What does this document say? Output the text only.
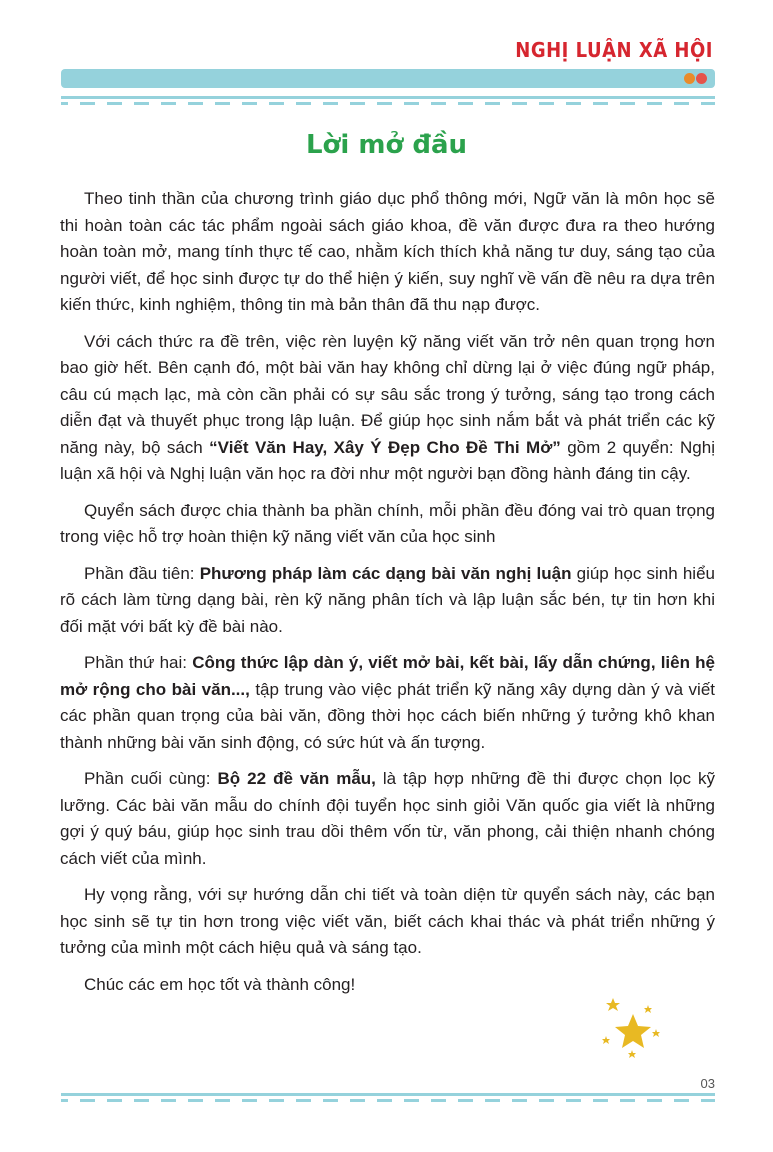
NGHỊ LUẬN XÃ HỘI
Lời mở đầu

Theo tinh thần của chương trình giáo dục phổ thông mới, Ngữ văn là môn học sẽ thi hoàn toàn các tác phẩm ngoài sách giáo khoa, đề văn được đưa ra theo hướng hoàn toàn mở, mang tính thực tế cao, nhằm kích thích khả năng tư duy, sáng tạo của người viết, để học sinh được tự do thể hiện ý kiến, suy nghĩ về vấn đề nêu ra dựa trên kiến thức, kinh nghiệm, thông tin mà bản thân đã thu nạp được.

Với cách thức ra đề trên, việc rèn luyện kỹ năng viết văn trở nên quan trọng hơn bao giờ hết. Bên cạnh đó, một bài văn hay không chỉ dừng lại ở việc đúng ngữ pháp, câu cú mạch lạc, mà còn cần phải có sự sâu sắc trong ý tưởng, sáng tạo trong cách diễn đạt và thuyết phục trong lập luận. Để giúp học sinh nắm bắt và phát triển các kỹ năng này, bộ sách “Viết Văn Hay, Xây Ý Đẹp Cho Đề Thi Mở” gồm 2 quyển: Nghị luận xã hội và Nghị luận văn học ra đời như một người bạn đồng hành đáng tin cậy.

Quyển sách được chia thành ba phần chính, mỗi phần đều đóng vai trò quan trọng trong việc hỗ trợ hoàn thiện kỹ năng viết văn của học sinh

Phần đầu tiên: Phương pháp làm các dạng bài văn nghị luận giúp học sinh hiểu rõ cách làm từng dạng bài, rèn kỹ năng phân tích và lập luận sắc bén, tự tin hơn khi đối mặt với bất kỳ đề bài nào.

Phần thứ hai: Công thức lập dàn ý, viết mở bài, kết bài, lấy dẫn chứng, liên hệ mở rộng cho bài văn..., tập trung vào việc phát triển kỹ năng xây dựng dàn ý và viết các phần quan trọng của bài văn, đồng thời học cách biến những ý tưởng khô khan thành những bài văn sinh động, có sức hút và ấn tượng.

Phần cuối cùng: Bộ 22 đề văn mẫu, là tập hợp những đề thi được chọn lọc kỹ lưỡng. Các bài văn mẫu do chính đội tuyển học sinh giỏi Văn quốc gia viết là những gợi ý quý báu, giúp học sinh trau dồi thêm vốn từ, văn phong, cải thiện nhanh chóng cách viết của mình.

Hy vọng rằng, với sự hướng dẫn chi tiết và toàn diện từ quyển sách này, các bạn học sinh sẽ tự tin hơn trong việc viết văn, biết cách khai thác và phát triển những ý tưởng của mình một cách hiệu quả và sáng tạo.

Chúc các em học tốt và thành công!

03
